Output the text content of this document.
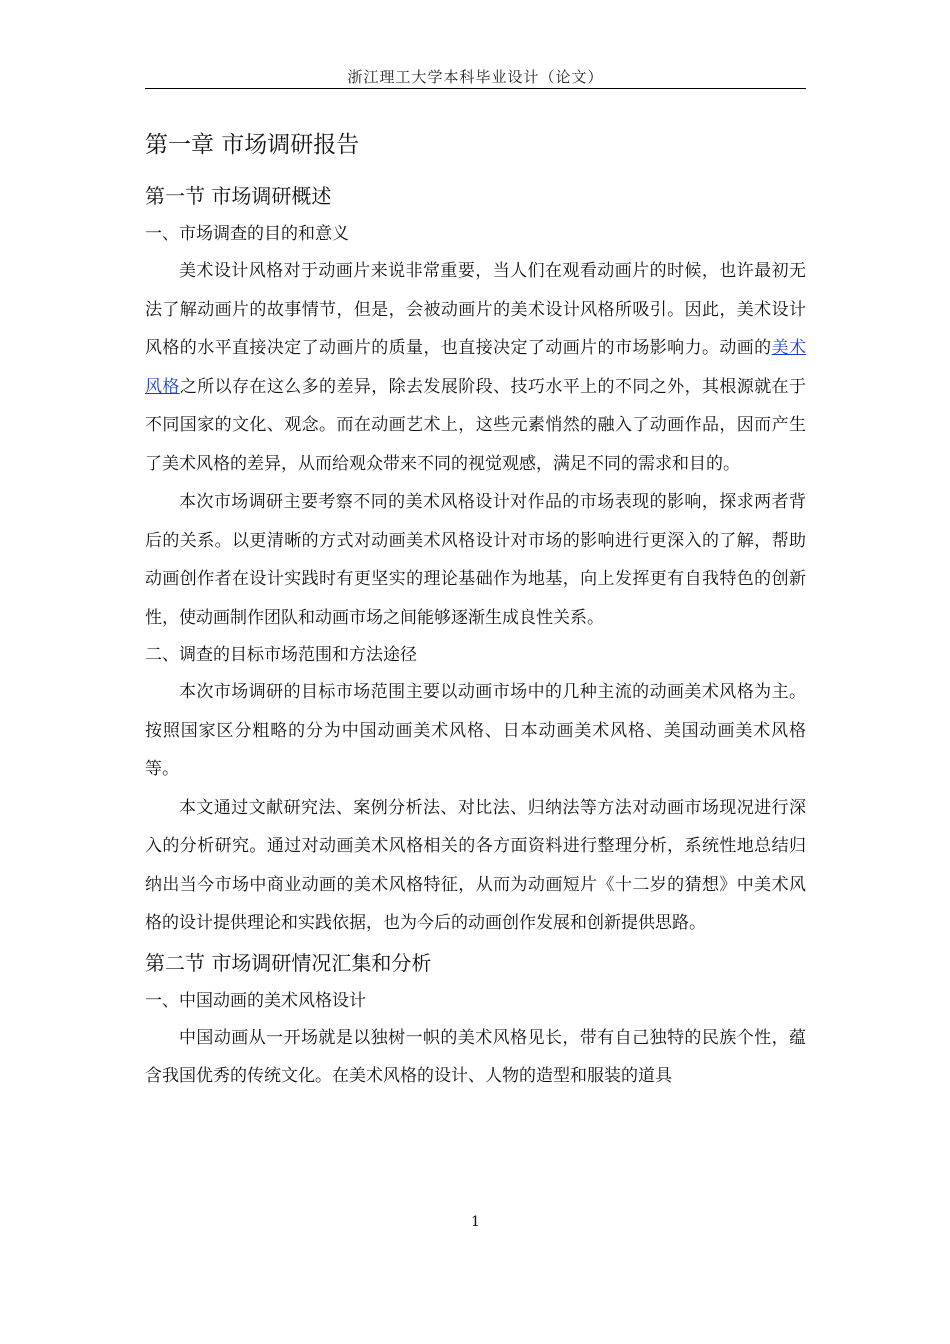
浙江理工大学本科毕业设计（论文）
第一章 市场调研报告
第一节 市场调研概述
一、市场调查的目的和意义

美术设计风格对于动画片来说非常重要，当人们在观看动画片的时候，也许最初无法了解动画片的故事情节，但是，会被动画片的美术设计风格所吸引。因此，美术设计风格的水平直接决定了动画片的质量，也直接决定了动画片的市场影响力。动画的美术风格之所以存在这么多的差异，除去发展阶段、技巧水平上的不同之外，其根源就在于不同国家的文化、观念。而在动画艺术上，这些元素悄然的融入了动画作品，因而产生了美术风格的差异，从而给观众带来不同的视觉观感，满足不同的需求和目的。

本次市场调研主要考察不同的美术风格设计对作品的市场表现的影响，探求两者背后的关系。以更清晰的方式对动画美术风格设计对市场的影响进行更深入的了解，帮助动画创作者在设计实践时有更坚实的理论基础作为地基，向上发挥更有自我特色的创新性，使动画制作团队和动画市场之间能够逐渐生成良性关系。

二、调查的目标市场范围和方法途径

本次市场调研的目标市场范围主要以动画市场中的几种主流的动画美术风格为主。按照国家区分粗略的分为中国动画美术风格、日本动画美术风格、美国动画美术风格等。

本文通过文献研究法、案例分析法、对比法、归纳法等方法对动画市场现况进行深入的分析研究。通过对动画美术风格相关的各方面资料进行整理分析，系统性地总结归纳出当今市场中商业动画的美术风格特征，从而为动画短片《十二岁的猜想》中美术风格的设计提供理论和实践依据，也为今后的动画创作发展和创新提供思路。

第二节 市场调研情况汇集和分析
一、中国动画的美术风格设计

中国动画从一开场就是以独树一帜的美术风格见长，带有自己独特的民族个性，蕴含我国优秀的传统文化。在美术风格的设计、人物的造型和服装的道具

1
